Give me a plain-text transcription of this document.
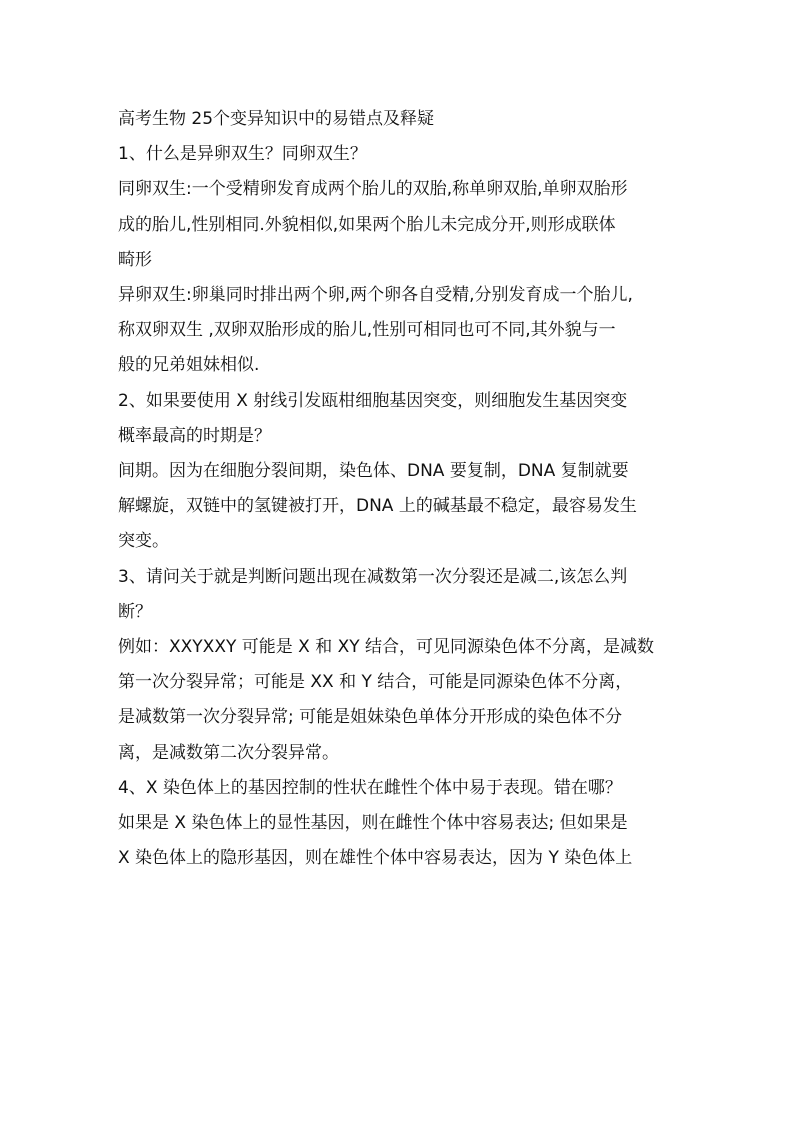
高考生物 25个变异知识中的易错点及释疑

1、什么是异卵双生？同卵双生？

同卵双生:一个受精卵发育成两个胎儿的双胎,称单卵双胎,单卵双胎形

成的胎儿,性别相同.外貌相似,如果两个胎儿未完成分开,则形成联体

畸形

异卵双生:卵巢同时排出两个卵,两个卵各自受精,分别发育成一个胎儿,

称双卵双生 ,双卵双胎形成的胎儿,性别可相同也可不同,其外貌与一

般的兄弟姐妹相似.

2、如果要使用 X 射线引发瓯柑细胞基因突变，则细胞发生基因突变

概率最高的时期是？

间期。因为在细胞分裂间期，染色体、DNA 要复制，DNA 复制就要

解螺旋，双链中的氢键被打开，DNA 上的碱基最不稳定，最容易发生

突变。

3、请问关于就是判断问题出现在减数第一次分裂还是减二,该怎么判

断？

例如：XXYXXY 可能是 X 和 XY 结合，可见同源染色体不分离，是减数

第一次分裂异常；可能是 XX 和 Y 结合，可能是同源染色体不分离，

是减数第一次分裂异常; 可能是姐妹染色单体分开形成的染色体不分

离，是减数第二次分裂异常。

4、X 染色体上的基因控制的性状在雌性个体中易于表现。错在哪？

如果是 X 染色体上的显性基因，则在雌性个体中容易表达; 但如果是

X 染色体上的隐形基因，则在雄性个体中容易表达，因为 Y 染色体上
